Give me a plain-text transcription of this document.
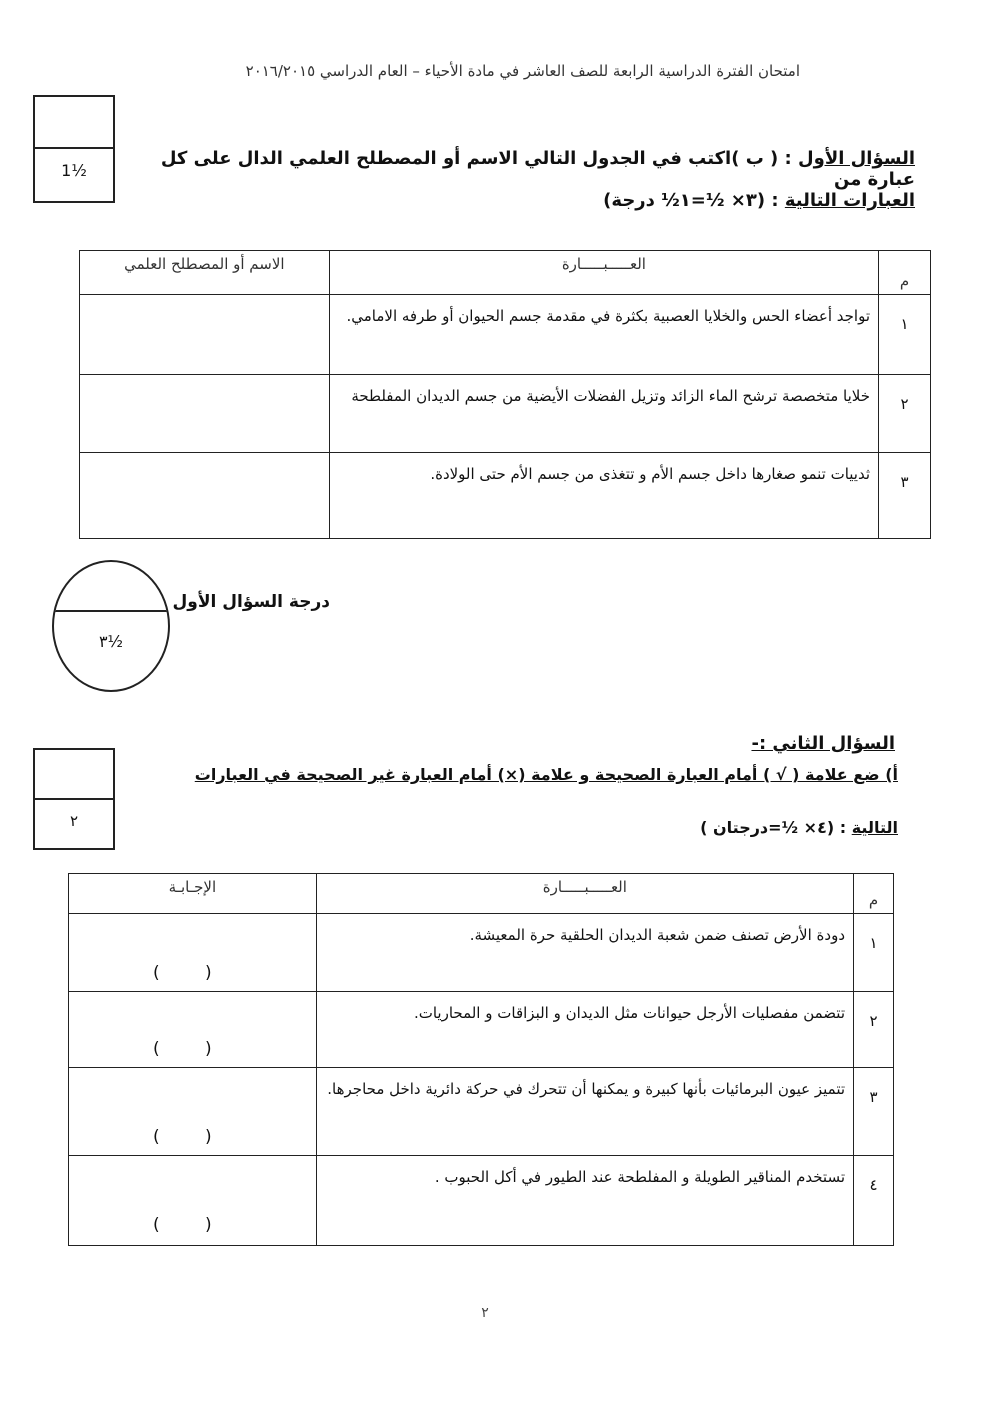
امتحان الفترة الدراسية الرابعة للصف العاشر في مادة الأحياء – العام الدراسي ٢٠١٦/٢٠١٥
1½
السؤال الأول : ( ب )اكتب في الجدول التالي الاسم أو المصطلح العلمي الدال على كل عبارة من
العبارات التالية : (٣× ½=١½ درجة)
الاسم أو المصطلح العلمي	العـــــبـــــارة	م
	تواجد أعضاء الحس والخلايا العصبية بكثرة في مقدمة جسم الحيوان أو طرفه الامامي.	١
	خلايا متخصصة ترشح الماء الزائد وتزيل الفضلات الأيضية من جسم الديدان المفلطحة	٢
	ثدييات تنمو صغارها داخل جسم الأم و تتغذى من جسم الأم حتى الولادة.	٣
٣½
درجة السؤال الأول
السؤال الثاني :-
٢
أ) ضع علامة ( √ ) أمام العبارة الصحيحة و علامة (×) أمام العبارة غير الصحيحة في العبارات
التالية : (٤× ½=درجتان )
الإجـابـة	العـــــبـــــارة	م
( )	دودة الأرض تصنف ضمن شعبة الديدان الحلقية حرة المعيشة.	١
( )	تتضمن مفصليات الأرجل حيوانات مثل الديدان و البزاقات و المحاريات.	٢
( )	تتميز عيون البرمائيات بأنها كبيرة و يمكنها أن تتحرك في حركة دائرية داخل محاجرها.	٣
( )	تستخدم المناقير الطويلة و المفلطحة عند الطيور في أكل الحبوب .	٤
٢
